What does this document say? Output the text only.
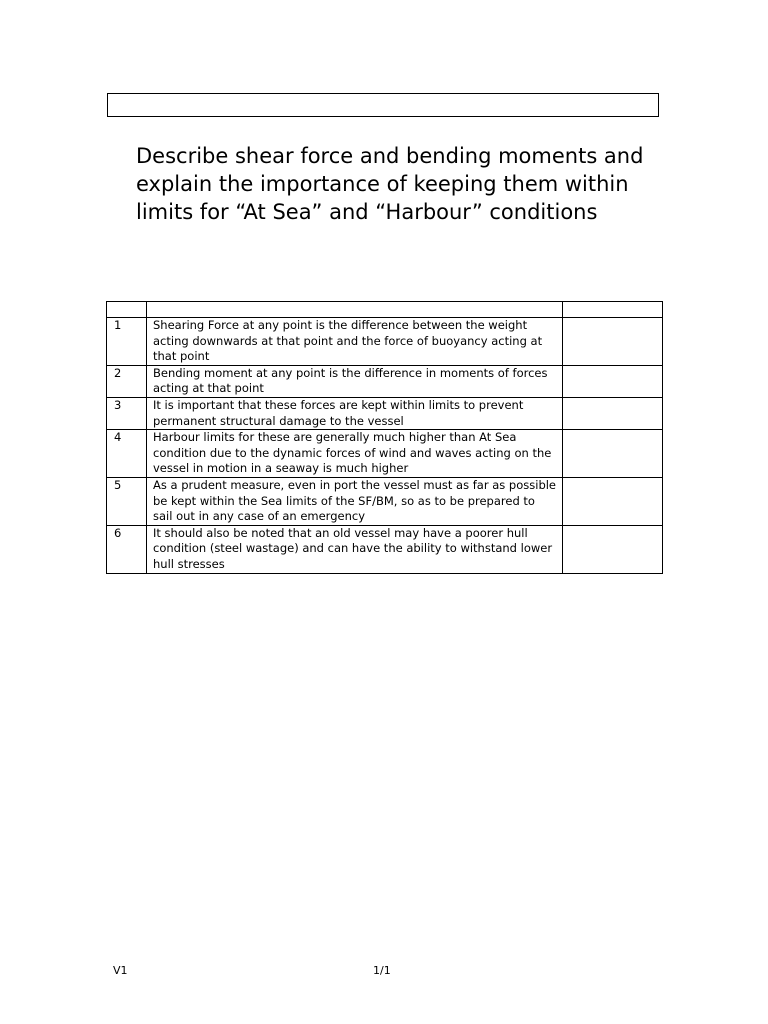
Describe shear force and bending moments and explain the importance of keeping them within limits for “At Sea” and “Harbour” conditions

1	Shearing Force at any point is the difference between the weight acting downwards at that point and the force of buoyancy acting at that point	
2	Bending moment at any point is the difference in moments of forces acting at that point	
3	It is important that these forces are kept within limits to prevent permanent structural damage to the vessel	
4	Harbour limits for these are generally much higher than At Sea condition due to the dynamic forces of wind and waves acting on the vessel in motion in a seaway is much higher	
5	As a prudent measure, even in port the vessel must as far as possible be kept within the Sea limits of the SF/BM, so as to be prepared to sail out in any case of an emergency	
6	It should also be noted that an old vessel may have a poorer hull condition (steel wastage) and can have the ability to withstand lower hull stresses	
V1	1/1
